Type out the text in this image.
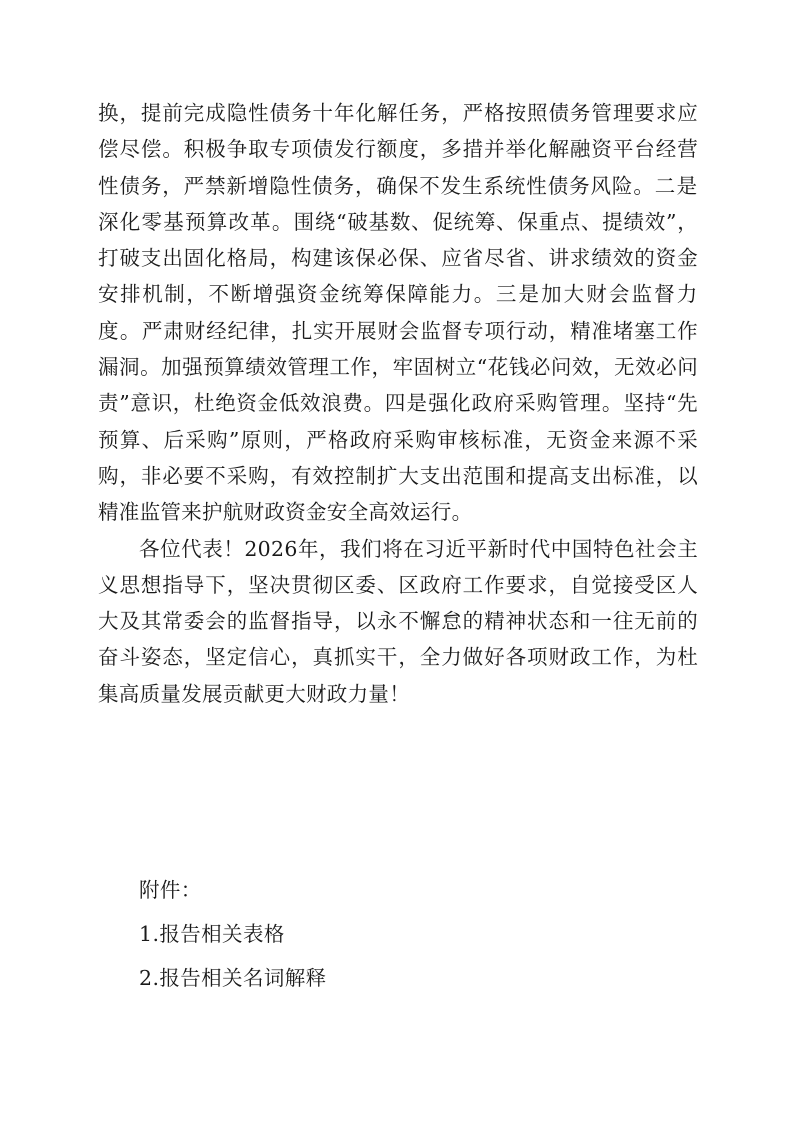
换，提前完成隐性债务十年化解任务，严格按照债务管理要求应偿尽偿。积极争取专项债发行额度，多措并举化解融资平台经营性债务，严禁新增隐性债务，确保不发生系统性债务风险。二是深化零基预算改革。围绕“破基数、促统筹、保重点、提绩效”，打破支出固化格局，构建该保必保、应省尽省、讲求绩效的资金安排机制，不断增强资金统筹保障能力。三是加大财会监督力度。严肃财经纪律，扎实开展财会监督专项行动，精准堵塞工作漏洞。加强预算绩效管理工作，牢固树立“花钱必问效，无效必问责”意识，杜绝资金低效浪费。四是强化政府采购管理。坚持“先预算、后采购”原则，严格政府采购审核标准，无资金来源不采购，非必要不采购，有效控制扩大支出范围和提高支出标准，以精准监管来护航财政资金安全高效运行。

各位代表！2026年，我们将在习近平新时代中国特色社会主义思想指导下，坚决贯彻区委、区政府工作要求，自觉接受区人大及其常委会的监督指导，以永不懈怠的精神状态和一往无前的奋斗姿态，坚定信心，真抓实干，全力做好各项财政工作，为杜集高质量发展贡献更大财政力量！

附件：
1.报告相关表格
2.报告相关名词解释
